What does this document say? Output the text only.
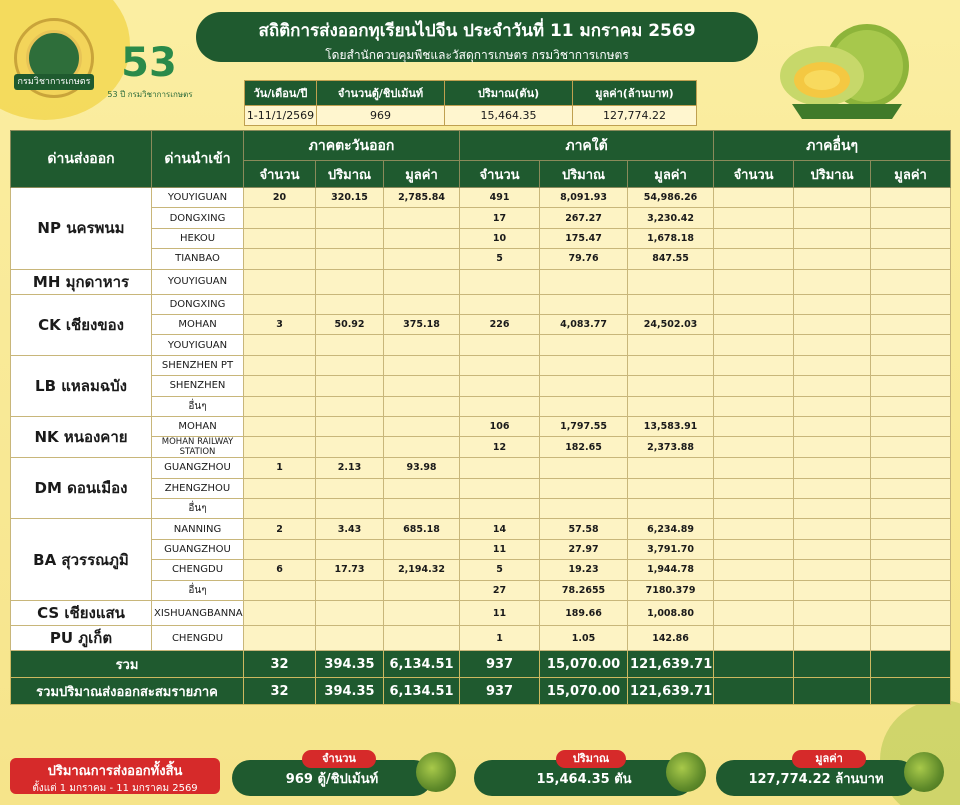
กรมวิชาการเกษตร 53
53 ปี กรมวิชาการเกษตร
สถิติการส่งออกทุเรียนไปจีน ประจำวันที่ 11 มกราคม 2569
โดยสำนักควบคุมพืชและวัสดุการเกษตร กรมวิชาการเกษตร
วัน/เดือน/ปี	จำนวนตู้/ชิปเม้นท์	ปริมาณ(ตัน)	มูลค่า(ล้านบาท)
1-11/1/2569	969	15,464.35	127,774.22
ด่านส่งออก	ด่านนำเข้า	ภาคตะวันออก			ภาคใต้			ภาคอื่นๆ		
		จำนวน	ปริมาณ	มูลค่า	จำนวน	ปริมาณ	มูลค่า	จำนวน	ปริมาณ	มูลค่า
NP นครพนม	YOUYIGUAN	20	320.15	2,785.84	491	8,091.93	54,986.26			
	DONGXING				17	267.27	3,230.42			
	HEKOU				10	175.47	1,678.18			
	TIANBAO				5	79.76	847.55			
MH มุกดาหาร	YOUYIGUAN									
CK เชียงของ	DONGXING									
	MOHAN	3	50.92	375.18	226	4,083.77	24,502.03			
	YOUYIGUAN									
LB แหลมฉบัง	SHENZHEN PT									
	SHENZHEN									
	อื่นๆ									
NK หนองคาย	MOHAN				106	1,797.55	13,583.91			
	MOHAN RAILWAY STATION				12	182.65	2,373.88			
DM ดอนเมือง	GUANGZHOU	1	2.13	93.98						
	ZHENGZHOU									
	อื่นๆ									
BA สุวรรณภูมิ	NANNING	2	3.43	685.18	14	57.58	6,234.89			
	GUANGZHOU				11	27.97	3,791.70			
	CHENGDU	6	17.73	2,194.32	5	19.23	1,944.78			
	อื่นๆ				27	78.2655	7180.379			
CS เชียงแสน	XISHUANGBANNA				11	189.66	1,008.80			
PU ภูเก็ต	CHENGDU				1	1.05	142.86			
รวม		32	394.35	6,134.51	937	15,070.00	121,639.71			
รวมปริมาณส่งออกสะสมรายภาค		32	394.35	6,134.51	937	15,070.00	121,639.71			
ปริมาณการส่งออกทั้งสิ้น
ตั้งแต่ 1 มกราคม - 11 มกราคม 2569
969 ตู้/ชิปเม้นท์
จำนวน
15,464.35 ตัน
ปริมาณ
127,774.22 ล้านบาท
มูลค่า
